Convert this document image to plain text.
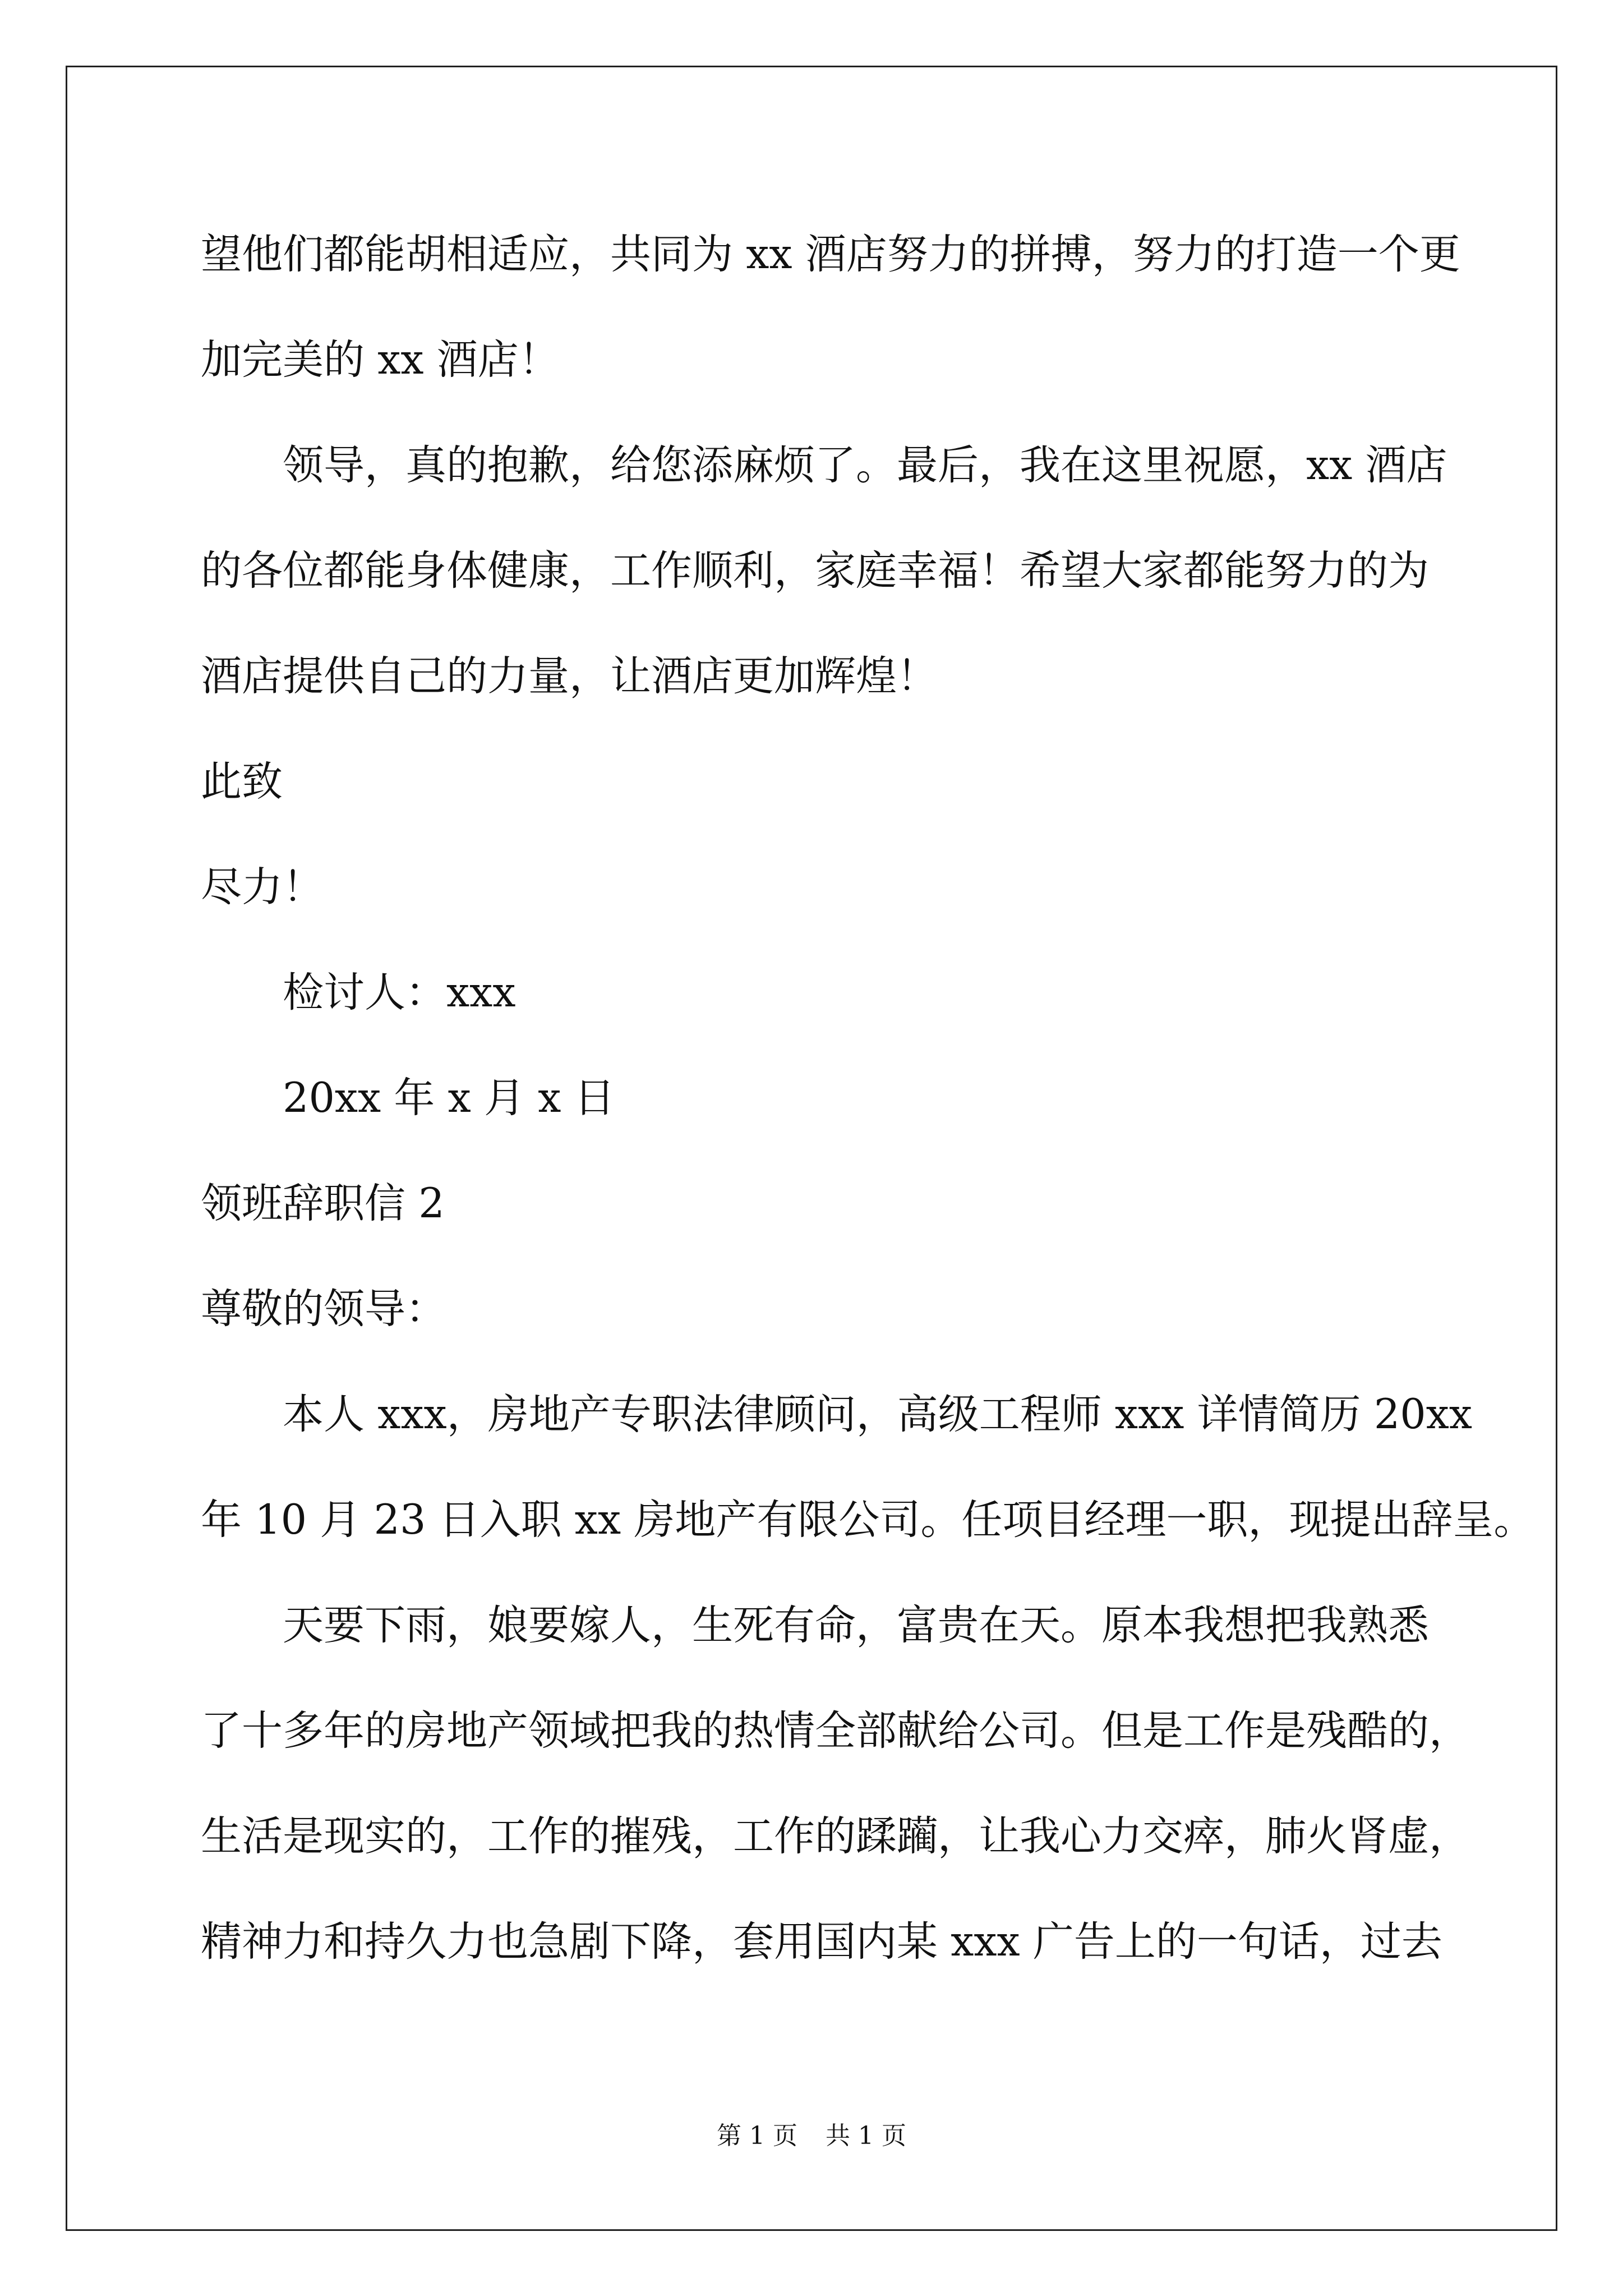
望他们都能胡相适应，共同为 xx 酒店努力的拼搏，努力的打造一个更
加完美的 xx 酒店！
领导，真的抱歉，给您添麻烦了。最后，我在这里祝愿，xx 酒店
的各位都能身体健康，工作顺利，家庭幸福！希望大家都能努力的为
酒店提供自己的力量，让酒店更加辉煌！
此致
尽力！
检讨人：xxx
20xx 年 x 月 x 日
领班辞职信 2
尊敬的领导：
本人 xxx，房地产专职法律顾问，高级工程师 xxx 详情简历 20xx
年 10 月 23 日入职 xx 房地产有限公司。任项目经理一职，现提出辞呈。
天要下雨，娘要嫁人，生死有命，富贵在天。原本我想把我熟悉
了十多年的房地产领域把我的热情全部献给公司。但是工作是残酷的，
生活是现实的，工作的摧残，工作的蹂躏，让我心力交瘁，肺火肾虚，
精神力和持久力也急剧下降，套用国内某 xxx 广告上的一句话，过去
第 1 页 共 1 页
